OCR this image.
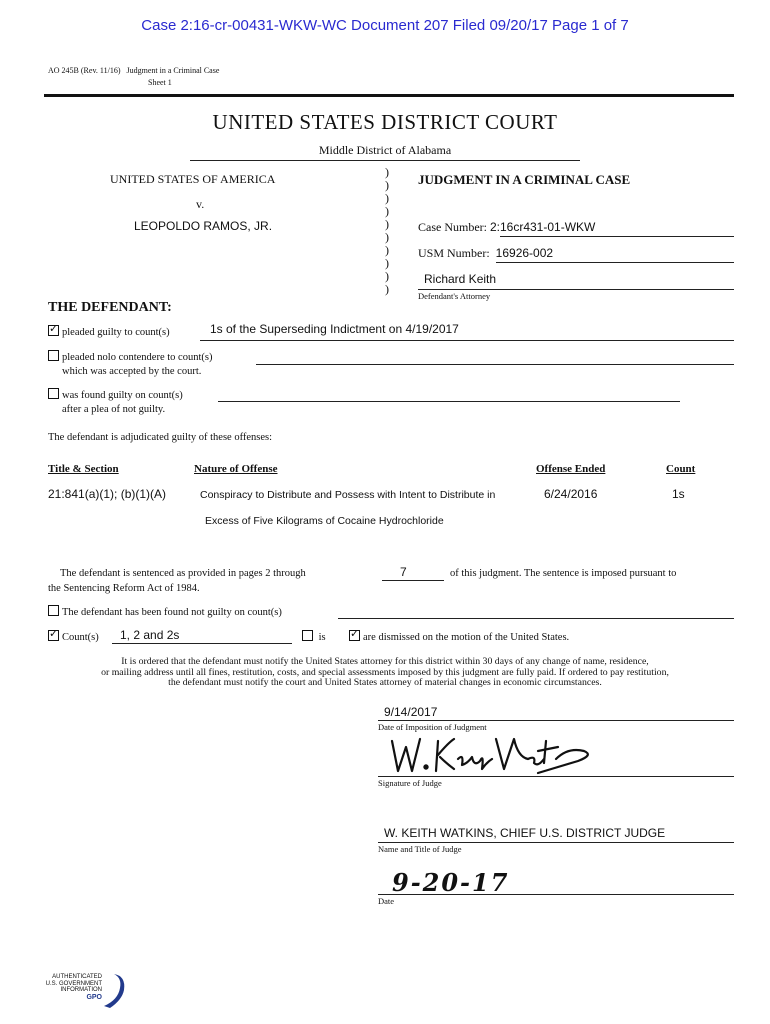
Case 2:16-cr-00431-WKW-WC Document 207 Filed 09/20/17 Page 1 of 7
AO 245B (Rev. 11/16) Judgment in a Criminal Case
Sheet 1
UNITED STATES DISTRICT COURT
Middle District of Alabama
UNITED STATES OF AMERICA
v.
LEOPOLDO RAMOS, JR.
)
)
)
)
)
)
)
)
)
)
JUDGMENT IN A CRIMINAL CASE
Case Number: 2:16cr431-01-WKW
USM Number: 16926-002
Richard Keith
Defendant's Attorney
THE DEFENDANT:
✓pleaded guilty to count(s)	1s of the Superseding Indictment on 4/19/2017
pleaded nolo contendere to count(s)
which was accepted by the court.
was found guilty on count(s)
after a plea of not guilty.
The defendant is adjudicated guilty of these offenses:
Title & Section	Nature of Offense	Offense Ended	Count
21:841(a)(1); (b)(1)(A)	Conspiracy to Distribute and Possess with Intent to Distribute in
Excess of Five Kilograms of Cocaine Hydrochloride
6/24/2016	1s
The defendant is sentenced as provided in pages 2 through	7	of this judgment. The sentence is imposed pursuant to
the Sentencing Reform Act of 1984.
The defendant has been found not guilty on count(s)
✓Count(s) 1, 2 and 2s	is
✓	are dismissed on the motion of the United States.
It is ordered that the defendant must notify the United States attorney for this district within 30 days of any change of name, residence,
or mailing address until all fines, restitution, costs, and special assessments imposed by this judgment are fully paid. If ordered to pay restitution,
the defendant must notify the court and United States attorney of material changes in economic circumstances.
9/14/2017
Date of Imposition of Judgment
Signature of Judge
W. KEITH WATKINS, CHIEF U.S. DISTRICT JUDGE
Name and Title of Judge
9-20-17
Date
AUTHENTICATED
U.S. GOVERNMENT
INFORMATION
GPO
